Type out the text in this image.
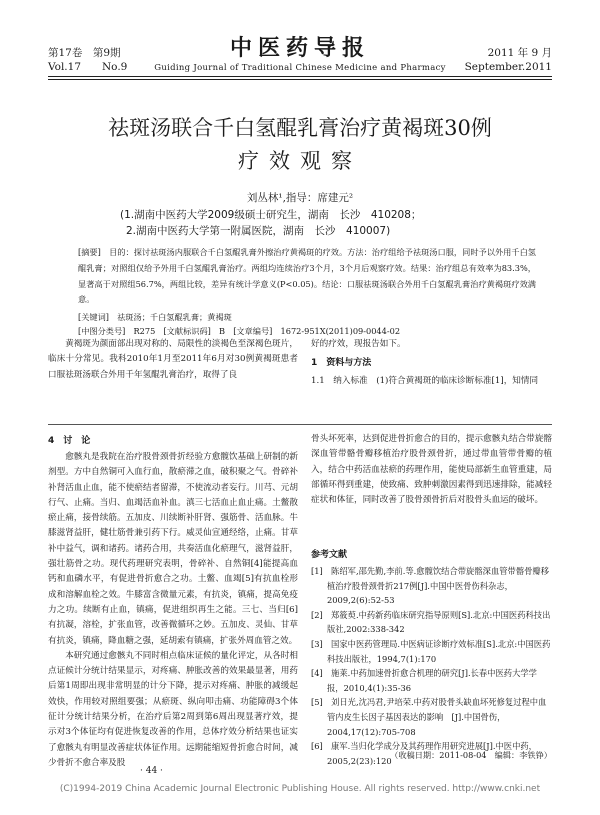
第17卷　第9期
Vol.17　　No.9
中医药导报
Guiding Journal of Traditional Chinese Medicine and Pharmacy
2011 年 9 月
September.2011
祛斑汤联合千白氢醌乳膏治疗黄褐斑30例
疗效观察
刘丛林¹,指导：席建元²
(1.湖南中医药大学2009级硕士研究生，湖南　长沙　410208；
2.湖南中医药大学第一附属医院，湖南　长沙　410007)
[摘要]　目的：探讨祛斑汤内服联合千白氢醌乳膏外擦治疗黄褐斑的疗效。方法：治疗组给予祛斑汤口服，同时予以外用千白氢醌乳膏；对照组仅给予外用千白氢醌乳膏治疗。两组均连续治疗3个月，3个月后观察疗效。结果：治疗组总有效率为83.3%，显著高于对照组56.7%，两组比较，差异有统计学意义(P<0.05)。结论：口服祛斑汤联合外用千白氢醌乳膏治疗黄褐斑疗效满意。
[关键词]　祛斑汤；千白氢醌乳膏；黄褐斑
[中图分类号]　R275　[文献标识码]　B　[文章编号]　1672-951X(2011)09-0044-02

黄褐斑为颜面部出现对称的、局限性的淡褐色至深褐色斑片，临床十分常见。我科2010年1月至2011年6月对30例黄褐斑患者口服祛斑汤联合外用千年氢醌乳膏治疗，取得了良

好的疗效，现报告如下。

1　资料与方法

1.1　纳入标准　(1)符合黄褐斑的临床诊断标准[1]，知情同

4　讨　论

愈骸丸是我院在治疗股骨颈骨折经验方愈髋饮基础上研制的新剂型。方中自然铜可入血行血，散瘀滞之血，破积聚之气。骨碎补补肾活血止血，能不使瘀结者留滞，不使流动者妄行。川芎、元胡行气、止痛。当归、血竭活血补血。滇三七活血止血止痛。土鳖散瘀止痛，接骨续筋。五加皮、川续断补肝肾、强筋骨、活血脉。牛膝滋肾益肝，健壮筋骨兼引药下行。威灵仙宣通经络，止痛。甘草补中益气，调和诸药。诸药合用，共奏活血化瘀理气，滋肾益肝，强壮筋骨之功。现代药理研究表明，骨碎补、自然铜[4]能提高血钙和血磷水平，有促进骨折愈合之功。土鳖、血竭[5]有抗血栓形成和溶解血栓之效。牛膝富含微量元素，有抗炎，镇痛，提高免疫力之功。续断有止血，镇痛，促进组织再生之能。三七、当归[6]有抗凝，溶栓，扩张血管，改善微循环之妙。五加皮、灵仙、甘草有抗炎，镇痛，降血糖之强，延胡索有镇痛，扩张外周血管之效。

本研究通过愈骸丸不同时相点临床证候的量化评定，从各时相点证候计分统计结果显示，对疼痛、肿胀改善的效果最显著，用药后第1周即出现非常明显的计分下降，提示对疼痛、肿胀的减缓起效快，作用较对照组要强；从瘀斑、纵向叩击痛、功能障碍3个体征计分统计结果分析，在治疗后第2周到第6周出现显著疗效，提示对3个体征均有促进恢复改善的作用，总体疗效分析结果也证实了愈骸丸有明显改善症状体征作用。远期能缩短骨折愈合时间，减少骨折不愈合率及股

骨头坏死率，达到促进骨折愈合的目的，提示愈骸丸结合带旋髂深血管带骼骨瓣移植治疗股骨颈骨折，通过带血管带骨瓣的植入，结合中药活血祛瘀的药理作用，能使局部新生血管重建，局部循环得到重建，使致痛、致肿刺激因素得到迅速排除，能减轻症状和体征，同时改善了股骨颈骨折后对股骨头血运的破坏。

参考文献
[1]　陈绍军,邵先勤,李前.等.愈髋饮结合带旋髂深血管带髂骨瓣移植治疗股骨颈骨折217例[J].中国中医骨伤科杂志，2009,2(6):52-53
[2]　郑筱萸.中药新药临床研究指导原则[S].北京:中国医药科技出版社,2002:338-342
[3]　国家中医药管理局.中医病证诊断疗效标准[S].北京:中国医药科技出版社，1994,7(1):170
[4]　施莱.中药加速骨折愈合机理的研究[J].长春中医药大学学报，2010,4(1):35-36
[5]　刘日光,沈冯君,尹培荣.中药对股骨头缺血坏死修复过程中血管内皮生长因子基因表达的影响　[J].中国骨伤，2004,17(12):705-708
[6]　康军.当归化学成分及其药理作用研究进展[J].中医中药，2005,2(23):120
（收稿日期：2011-08-04　编辑：李铁铮）
· 44 ·
(C)1994-2019 China Academic Journal Electronic Publishing House. All rights reserved. http://www.cnki.net
